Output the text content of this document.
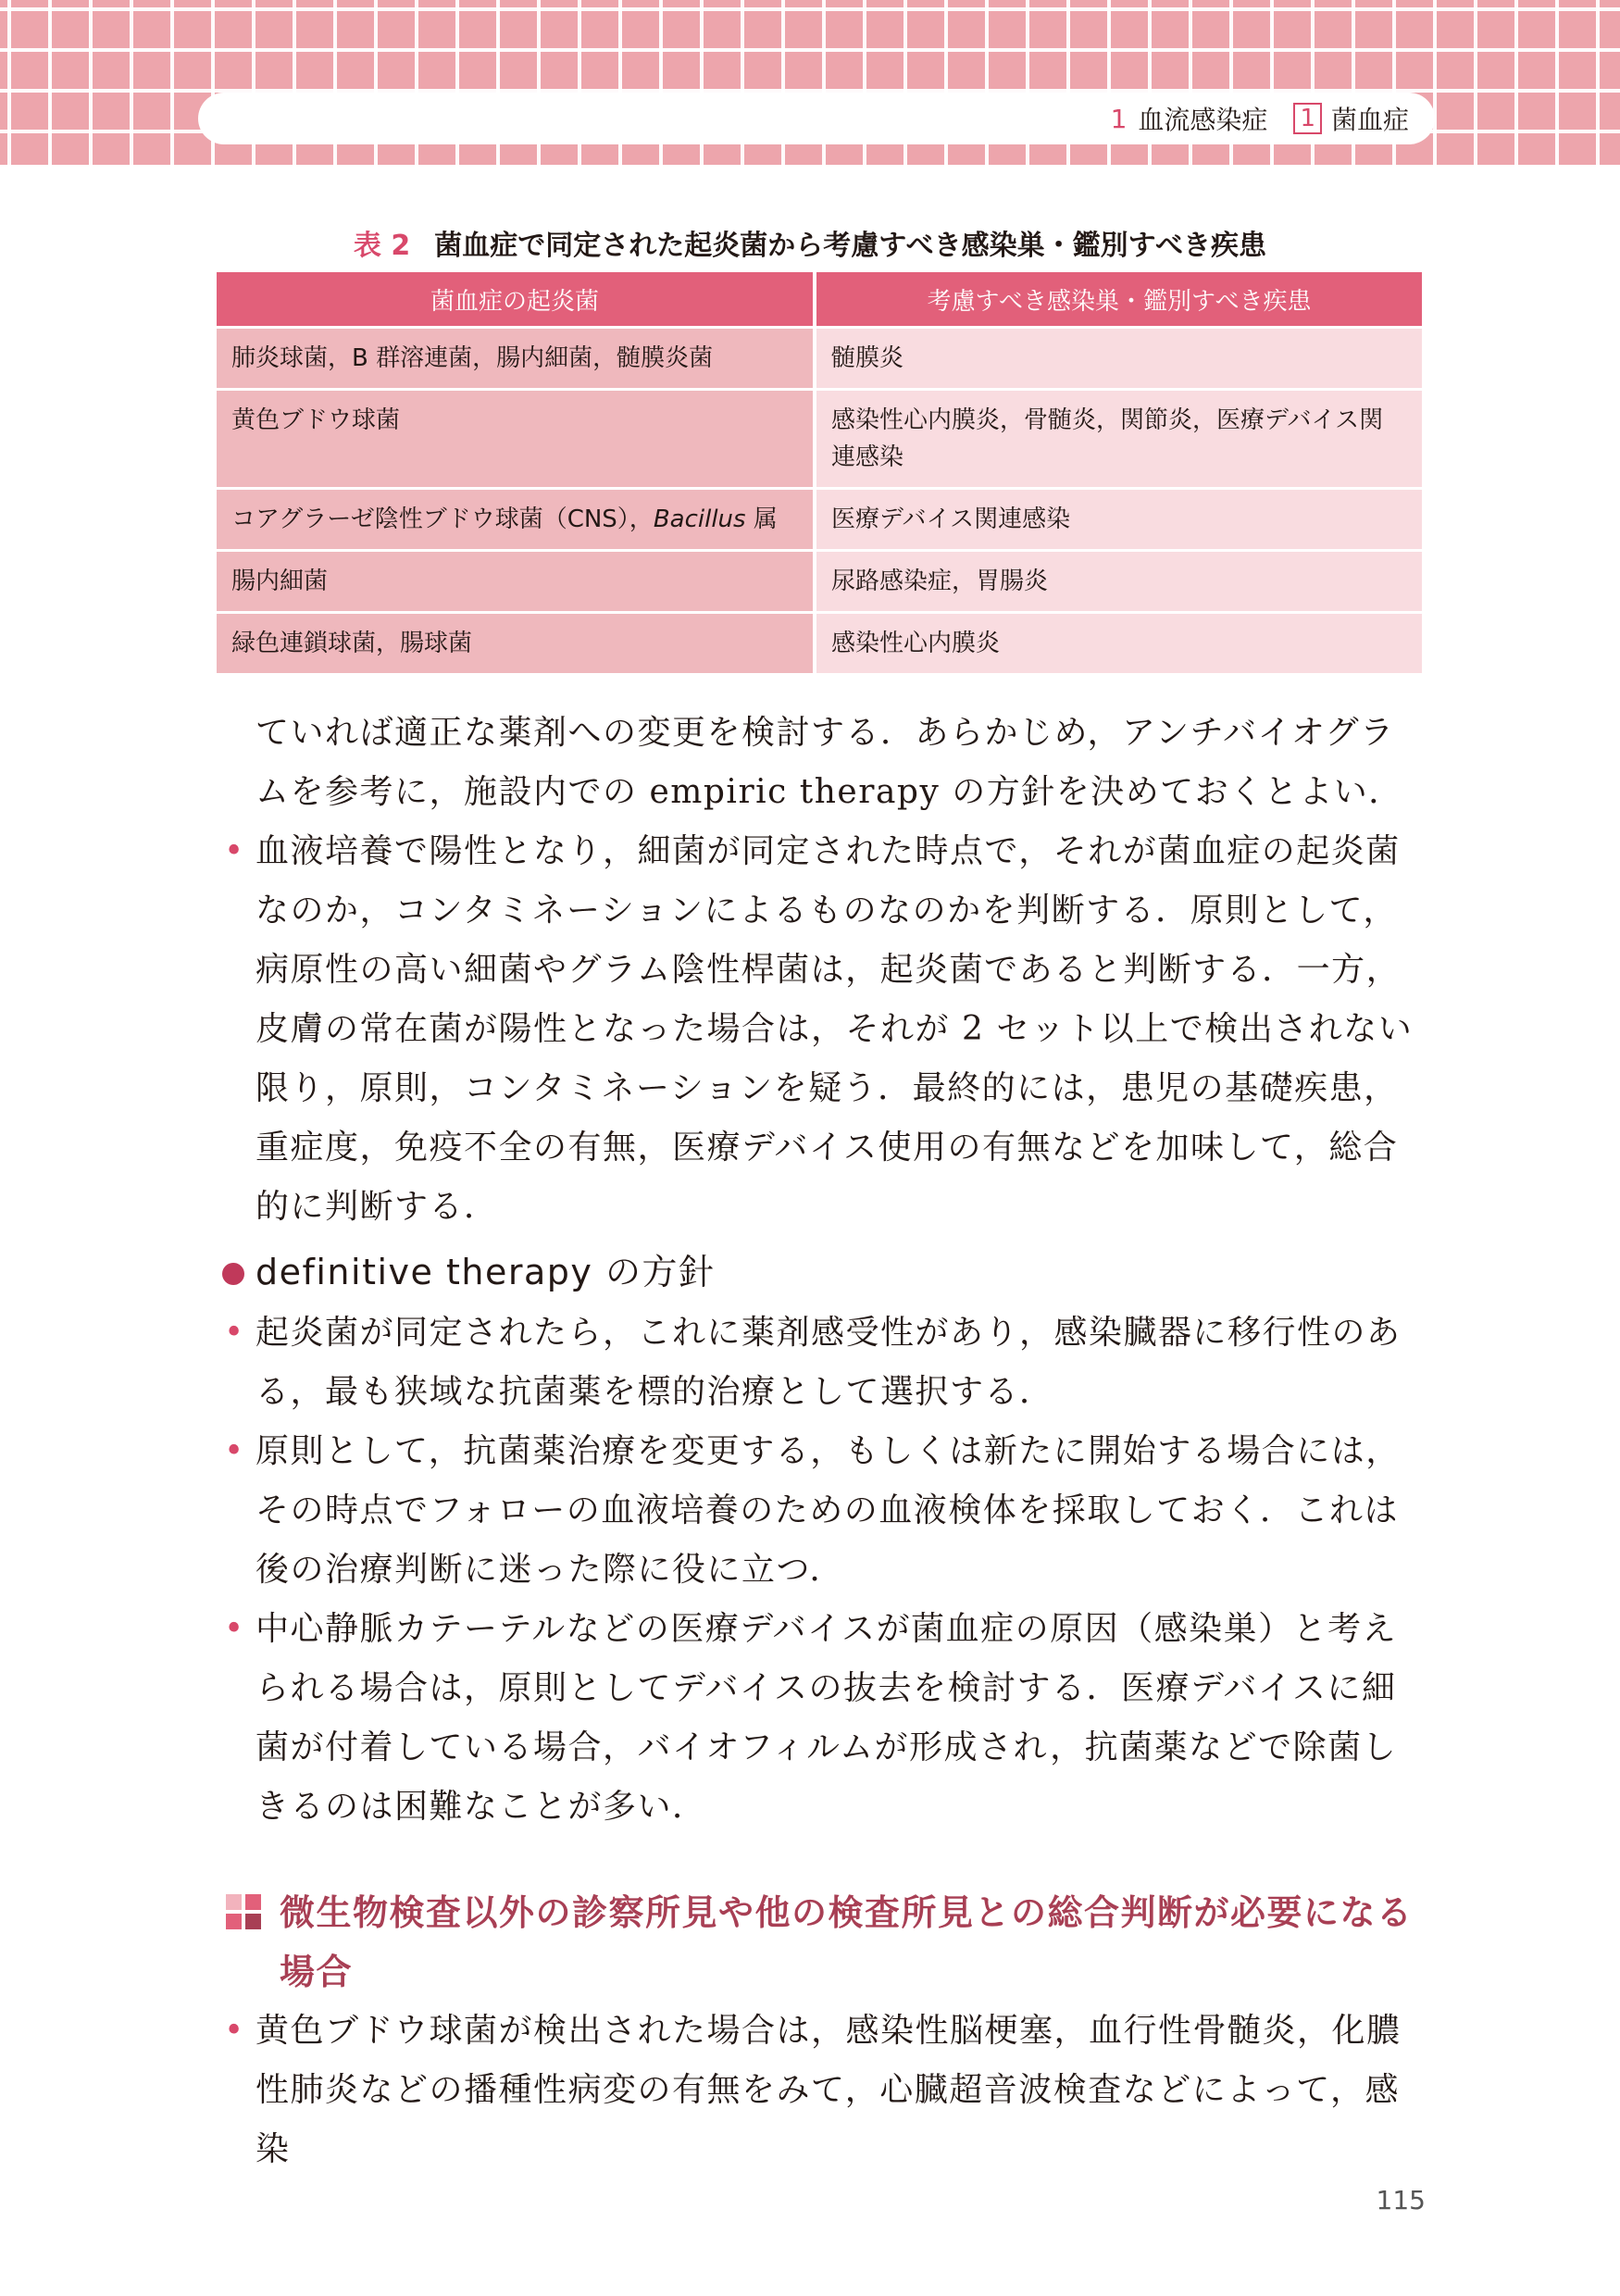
1 血流感染症 1 菌血症
表 2 菌血症で同定された起炎菌から考慮すべき感染巣・鑑別すべき疾患
菌血症の起炎菌	考慮すべき感染巣・鑑別すべき疾患
肺炎球菌，B 群溶連菌，腸内細菌，髄膜炎菌	髄膜炎
黄色ブドウ球菌	感染性心内膜炎，骨髄炎，関節炎，医療デバイス関連感染
コアグラーゼ陰性ブドウ球菌（CNS），Bacillus 属	医療デバイス関連感染
腸内細菌	尿路感染症，胃腸炎
緑色連鎖球菌，腸球菌	感染性心内膜炎

ていれば適正な薬剤への変更を検討する．あらかじめ，アンチバイオグラムを参考に，施設内での empiric therapy の方針を決めておくとよい．

• 血液培養で陽性となり，細菌が同定された時点で，それが菌血症の起炎菌なのか，コンタミネーションによるものなのかを判断する．原則として，病原性の高い細菌やグラム陰性桿菌は，起炎菌であると判断する．一方，皮膚の常在菌が陽性となった場合は，それが 2 セット以上で検出されない限り，原則，コンタミネーションを疑う．最終的には，患児の基礎疾患，重症度，免疫不全の有無，医療デバイス使用の有無などを加味して，総合的に判断する．

definitive therapy の方針

• 起炎菌が同定されたら，これに薬剤感受性があり，感染臓器に移行性のある，最も狭域な抗菌薬を標的治療として選択する．

• 原則として，抗菌薬治療を変更する，もしくは新たに開始する場合には，その時点でフォローの血液培養のための血液検体を採取しておく．これは後の治療判断に迷った際に役に立つ．

• 中心静脈カテーテルなどの医療デバイスが菌血症の原因（感染巣）と考えられる場合は，原則としてデバイスの抜去を検討する．医療デバイスに細菌が付着している場合，バイオフィルムが形成され，抗菌薬などで除菌しきるのは困難なことが多い．

微生物検査以外の診察所見や他の検査所見との総合判断が必要になる場合

• 黄色ブドウ球菌が検出された場合は，感染性脳梗塞，血行性骨髄炎，化膿性肺炎などの播種性病変の有無をみて，心臓超音波検査などによって，感染

115
